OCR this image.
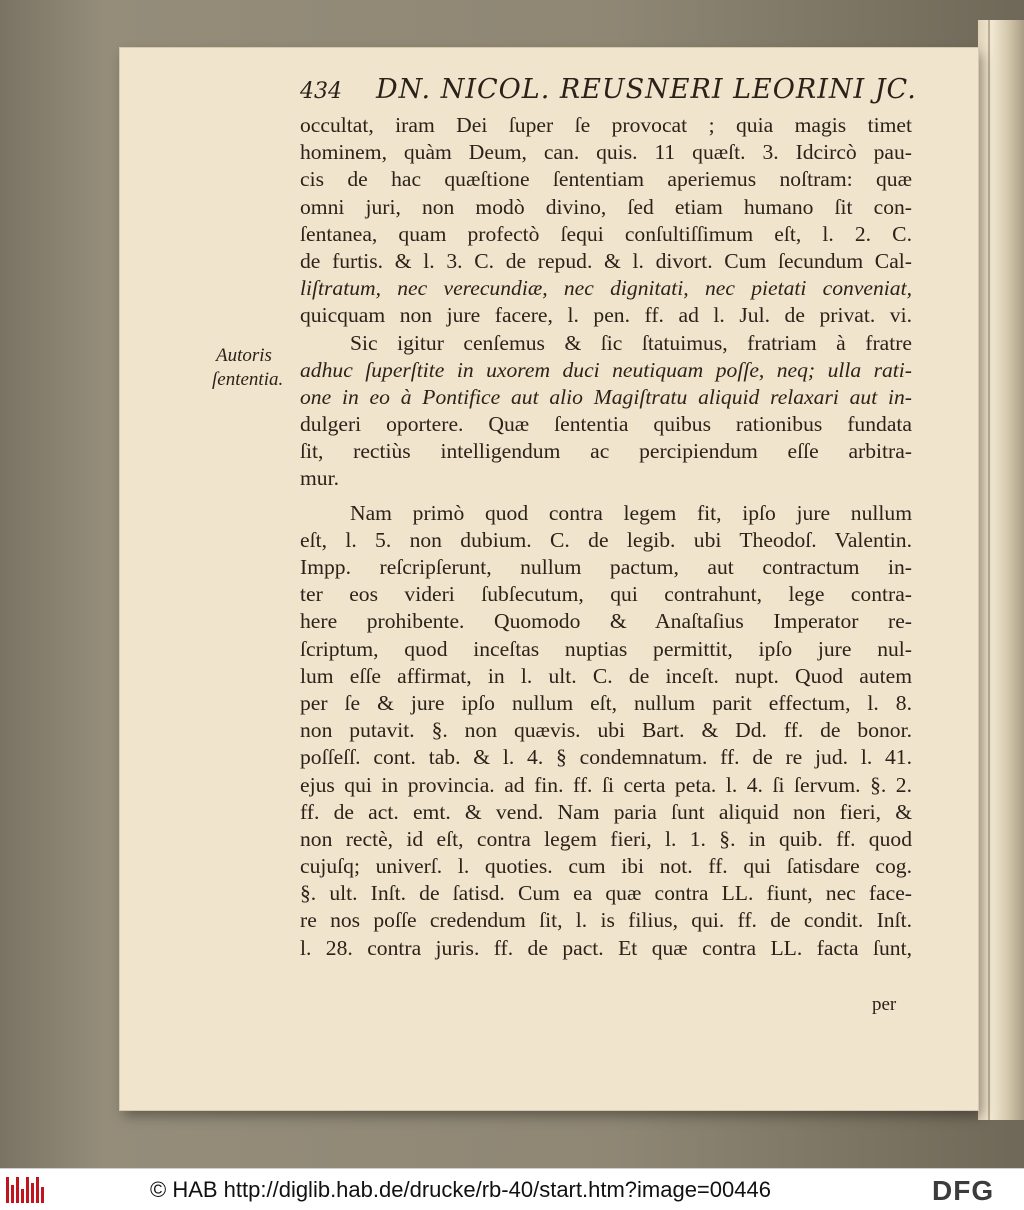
434 DN. NICOL. REUSNERI LEORINI JC.
Autoris
ſententia.
occultat, iram Dei ſuper ſe provocat ; quia magis timet
hominem, quàm Deum, can. quis. 11 quæſt. 3. Idcircò pau-
cis de hac quæſtione ſententiam aperiemus noſtram: quæ
omni juri, non modò divino, ſed etiam humano ſit con-
ſentanea, quam profectò ſequi conſultiſſimum eſt, l. 2. C.
de furtis. & l. 3. C. de repud. & l. divort. Cum ſecundum Cal-
liſtratum, nec verecundiæ, nec dignitati, nec pietati conveniat,
quicquam non jure facere, l. pen. ff. ad l. Jul. de privat. vi.
Sic igitur cenſemus & ſic ſtatuimus, fratriam à fratre
adhuc ſuperſtite in uxorem duci neutiquam poſſe, neq; ulla rati-
one in eo à Pontifice aut alio Magiſtratu aliquid relaxari aut in-
dulgeri oportere. Quæ ſententia quibus rationibus fundata
ſit, rectiùs intelligendum ac percipiendum eſſe arbitra-
mur.
Nam primò quod contra legem fit, ipſo jure nullum
eſt, l. 5. non dubium. C. de legib. ubi Theodoſ. Valentin.
Impp. reſcripſerunt, nullum pactum, aut contractum in-
ter eos videri ſubſecutum, qui contrahunt, lege contra-
here prohibente. Quomodo & Anaſtaſius Imperator re-
ſcriptum, quod inceſtas nuptias permittit, ipſo jure nul-
lum eſſe affirmat, in l. ult. C. de inceſt. nupt. Quod autem
per ſe & jure ipſo nullum eſt, nullum parit effectum, l. 8.
non putavit. §. non quævis. ubi Bart. & Dd. ff. de bonor.
poſſeſſ. cont. tab. & l. 4. § condemnatum. ff. de re jud. l. 41.
ejus qui in provincia. ad fin. ff. ſi certa peta. l. 4. ſi ſervum. §. 2.
ff. de act. emt. & vend. Nam paria ſunt aliquid non fieri, &
non rectè, id eſt, contra legem fieri, l. 1. §. in quib. ff. quod
cujuſq; univerſ. l. quoties. cum ibi not. ff. qui ſatisdare cog.
§. ult. Inſt. de ſatisd. Cum ea quæ contra LL. fiunt, nec face-
re nos poſſe credendum ſit, l. is filius, qui. ff. de condit. Inſt.
l. 28. contra juris. ff. de pact. Et quæ contra LL. facta ſunt,
per
© HAB http://diglib.hab.de/drucke/rb-40/start.htm?image=00446	DFG
